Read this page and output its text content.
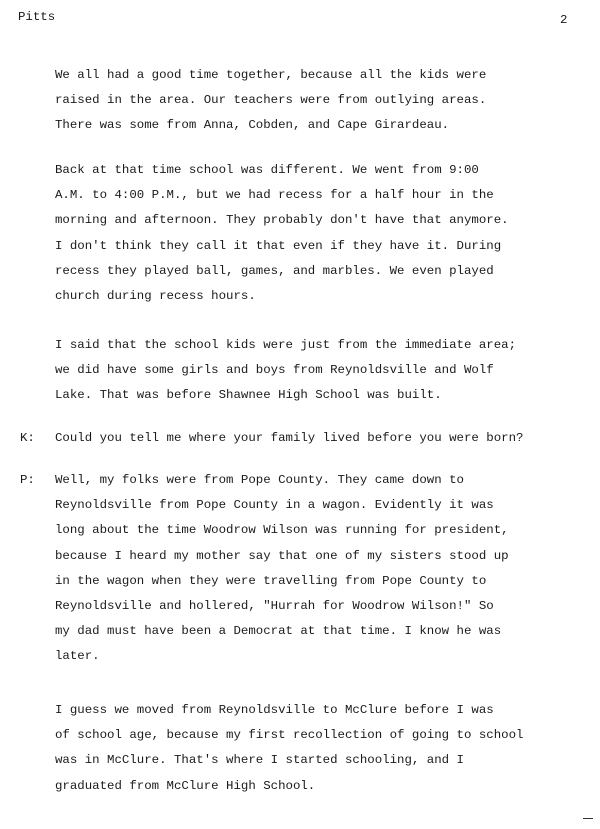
Pitts	2
We all had a good time together, because all the kids were
raised in the area. Our teachers were from outlying areas.
There was some from Anna, Cobden, and Cape Girardeau.
Back at that time school was different. We went from 9:00
A.M. to 4:00 P.M., but we had recess for a half hour in the
morning and afternoon. They probably don't have that anymore.
I don't think they call it that even if they have it. During
recess they played ball, games, and marbles. We even played
church during recess hours.
I said that the school kids were just from the immediate area;
we did have some girls and boys from Reynoldsville and Wolf
Lake. That was before Shawnee High School was built.
K: Could you tell me where your family lived before you were born?
P: Well, my folks were from Pope County. They came down to
Reynoldsville from Pope County in a wagon. Evidently it was
long about the time Woodrow Wilson was running for president,
because I heard my mother say that one of my sisters stood up
in the wagon when they were travelling from Pope County to
Reynoldsville and hollered, "Hurrah for Woodrow Wilson!" So
my dad must have been a Democrat at that time. I know he was
later.
I guess we moved from Reynoldsville to McClure before I was
of school age, because my first recollection of going to school
was in McClure. That's where I started schooling, and I
graduated from McClure High School.
